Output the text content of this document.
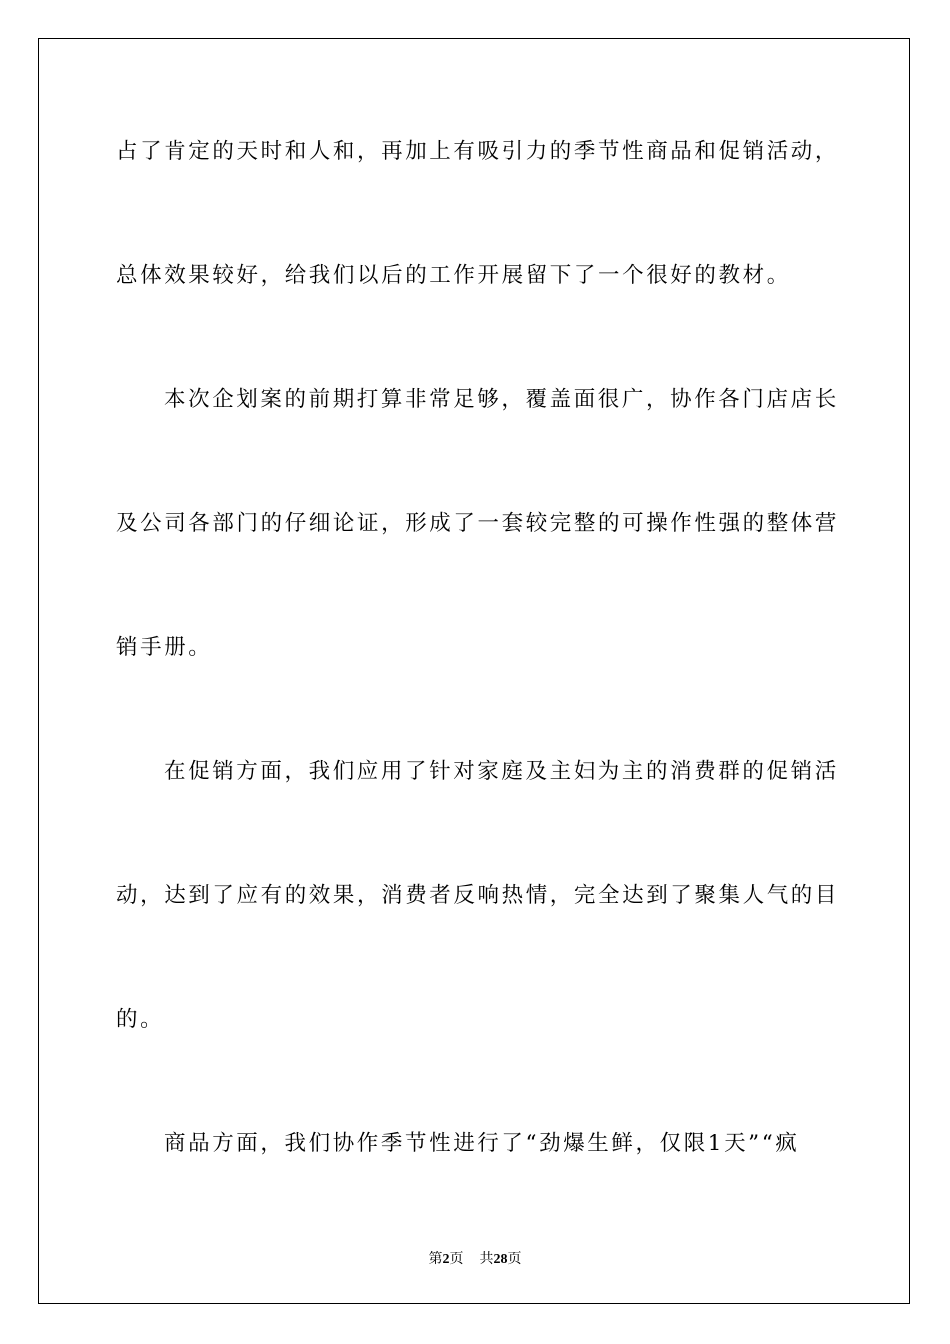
占了肯定的天时和人和，再加上有吸引力的季节性商品和促销活动，
总体效果较好，给我们以后的工作开展留下了一个很好的教材。
本次企划案的前期打算非常足够，覆盖面很广，协作各门店店长
及公司各部门的仔细论证，形成了一套较完整的可操作性强的整体营
销手册。
在促销方面，我们应用了针对家庭及主妇为主的消费群的促销活
动，达到了应有的效果，消费者反响热情，完全达到了聚集人气的目
的。
商品方面，我们协作季节性进行了“劲爆生鲜，仅限1天”“疯
第2页 共28页
